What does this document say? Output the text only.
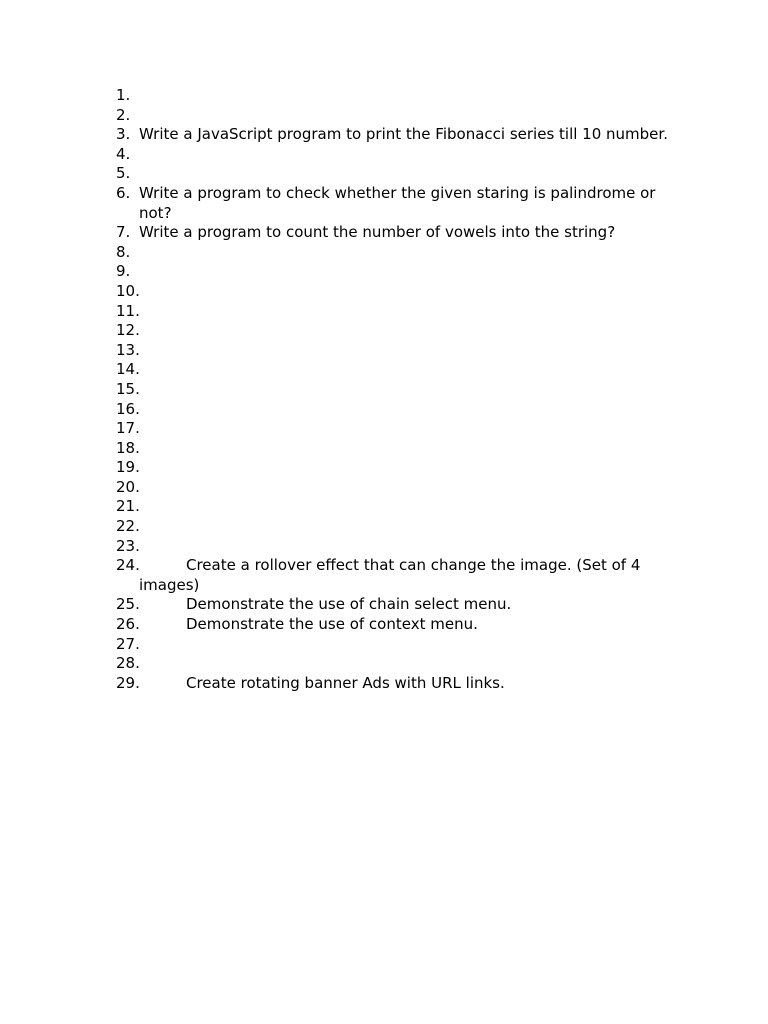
1.
2.
3. Write a JavaScript program to print the Fibonacci series till 10 number.
4.
5.
6. Write a program to check whether the given staring is palindrome or not?
7. Write a program to count the number of vowels into the string?
8.
9.
10.
11.
12.
13.
14.
15.
16.
17.
18.
19.
20.
21.
22.
23.
24.	Create a rollover effect that can change the image. (Set of 4 images)
25.	Demonstrate the use of chain select menu.
26.	Demonstrate the use of context menu.
27.
28.
29.	Create rotating banner Ads with URL links.
